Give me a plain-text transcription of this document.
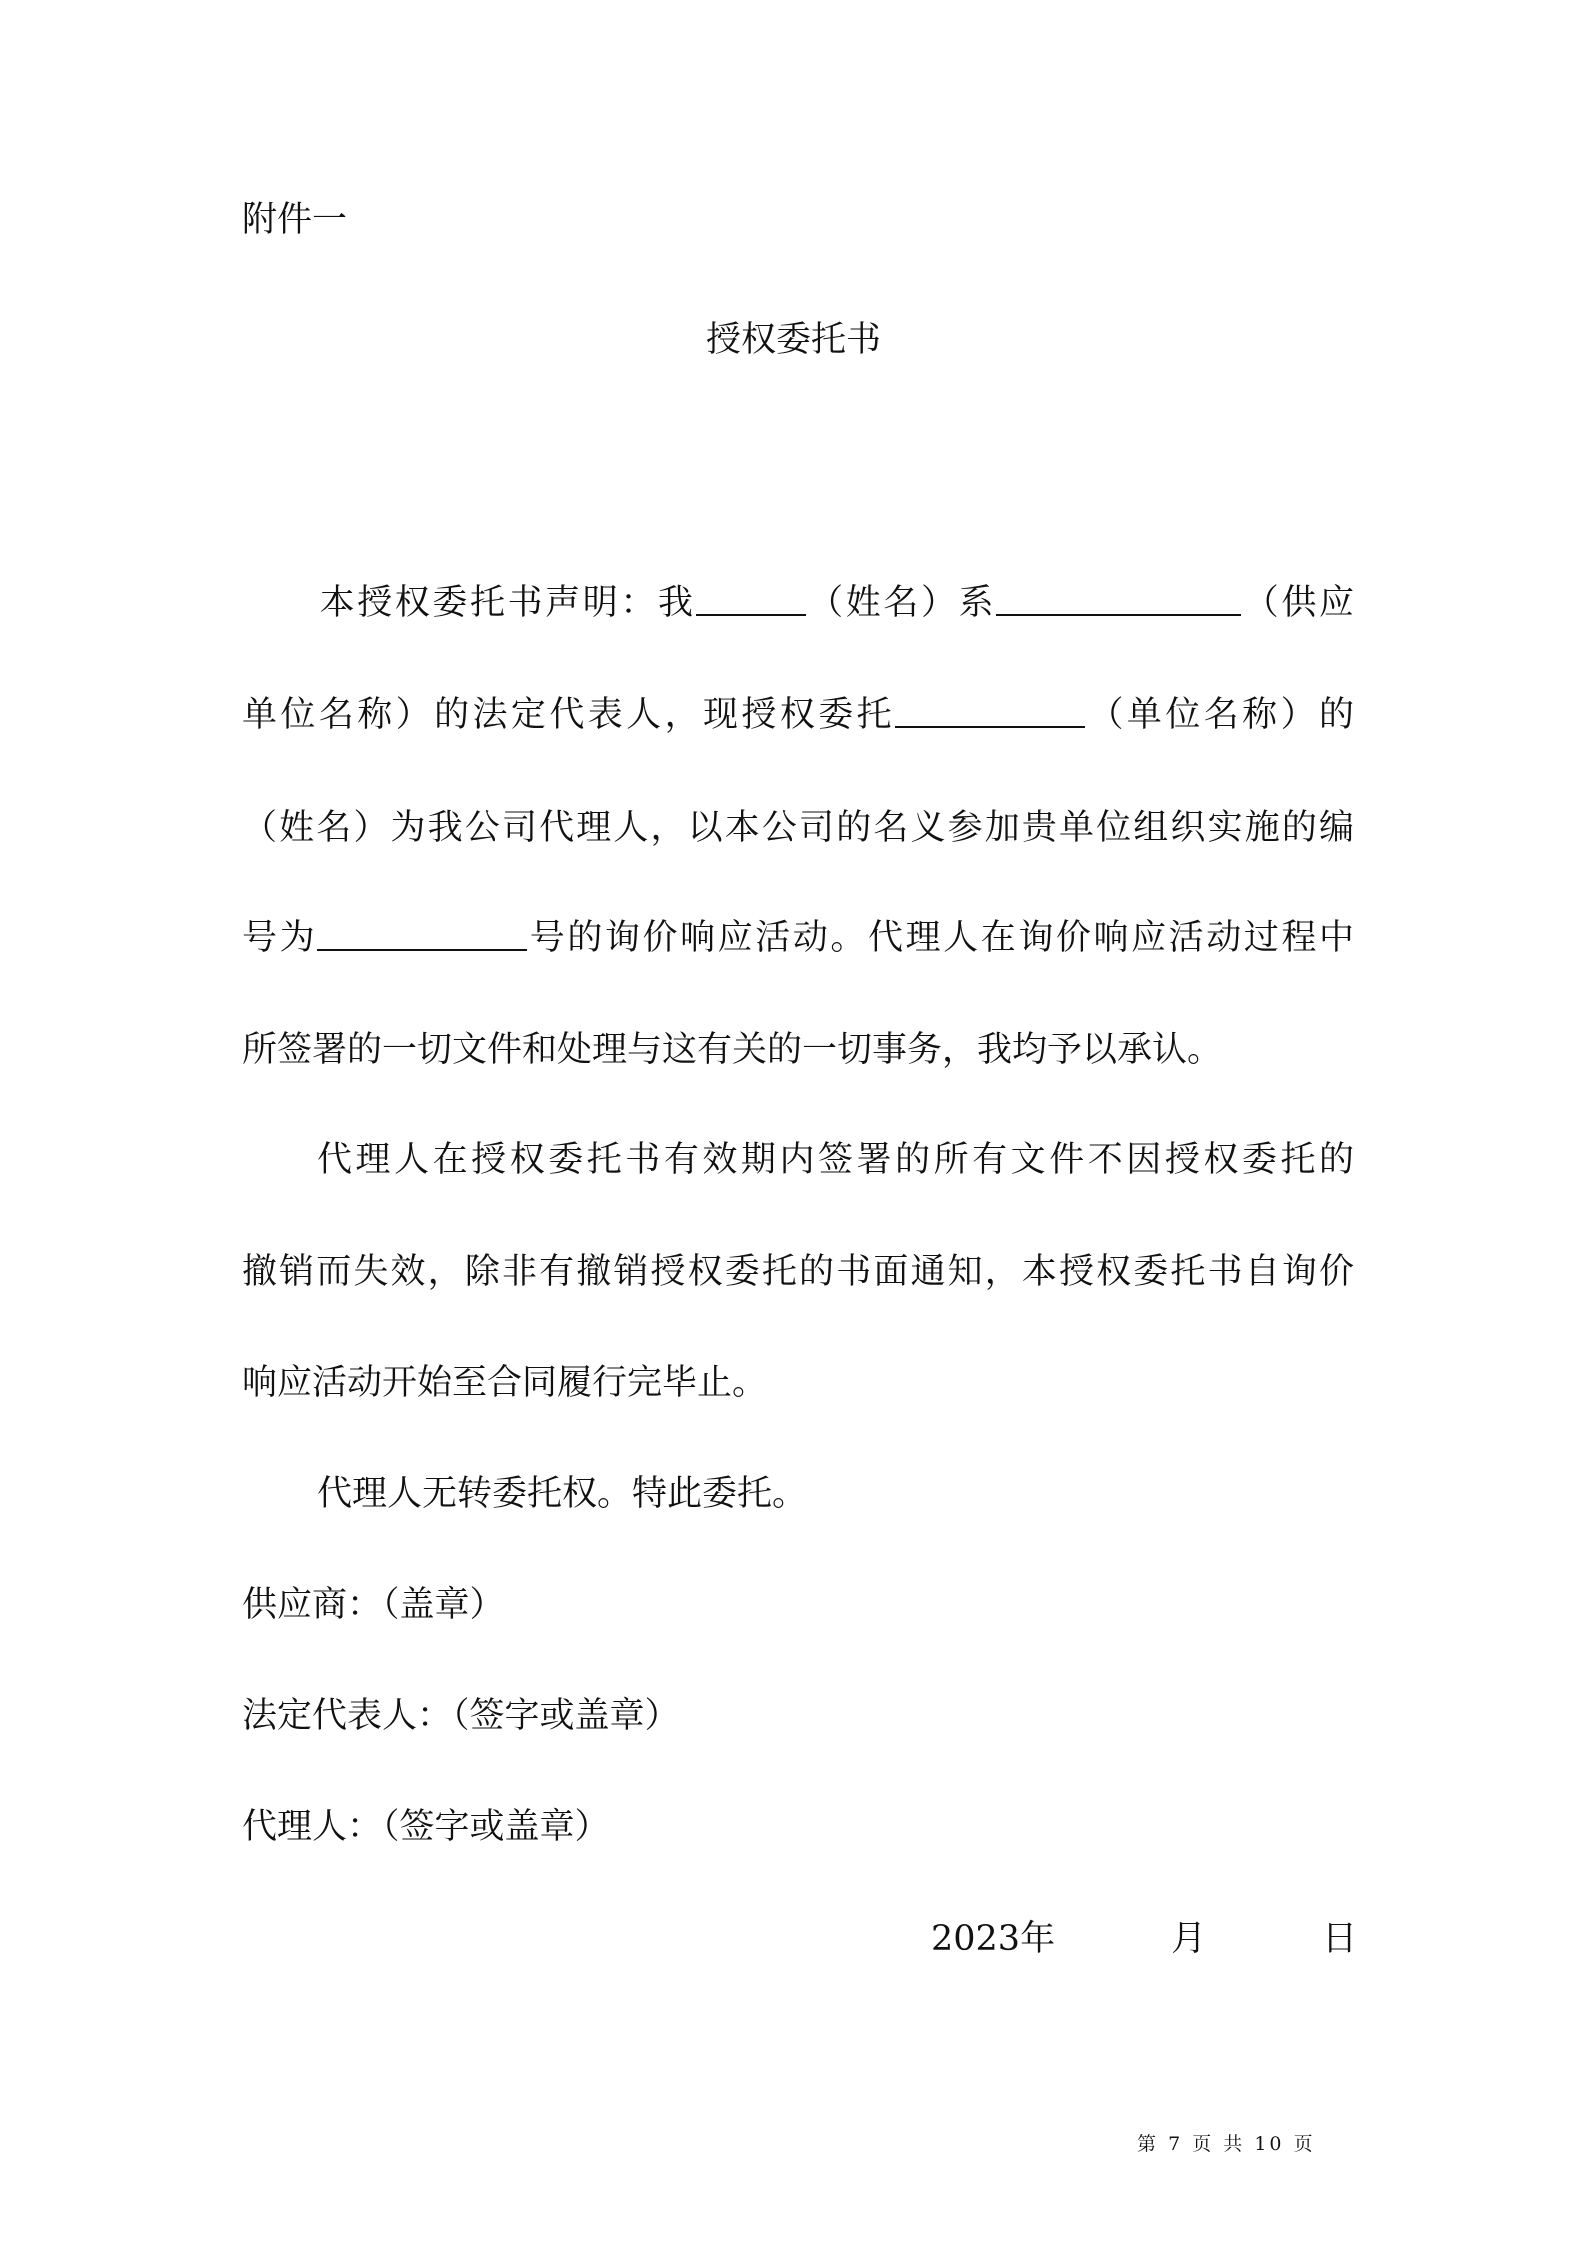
附件一
授权委托书
本授权委托书声明：我	（姓名）系	（供应
单位名称）的法定代表人，现授权委托	（单位名称）的
（姓名）为我公司代理人，以本公司的名义参加贵单位组织实施的编
号为	号的询价响应活动。代理人在询价响应活动过程中
所签署的一切文件和处理与这有关的一切事务，我均予以承认。
代理人在授权委托书有效期内签署的所有文件不因授权委托的
撤销而失效，除非有撤销授权委托的书面通知，本授权委托书自询价
响应活动开始至合同履行完毕止。
代理人无转委托权。特此委托。
供应商：（盖章）
法定代表人：（签字或盖章）
代理人：（签字或盖章）
2023年	月	日
第 7 页 共 10 页
